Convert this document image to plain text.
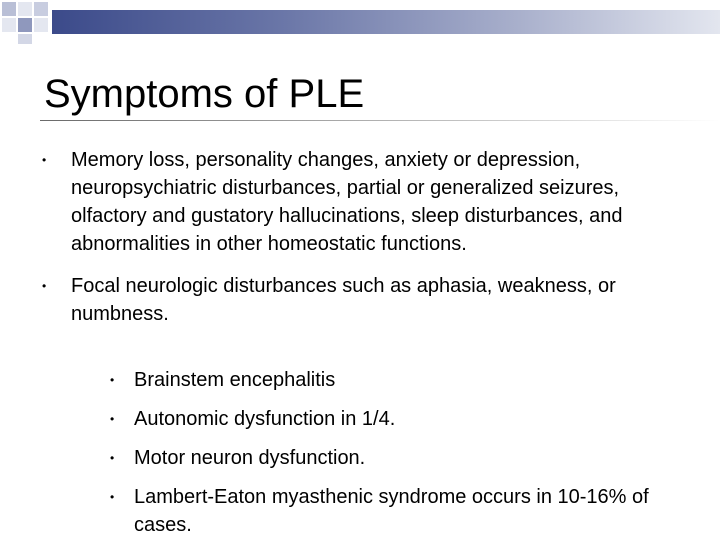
Symptoms of PLE
• Memory loss, personality changes, anxiety or depression, neuropsychiatric disturbances, partial or generalized seizures, olfactory and gustatory hallucinations, sleep disturbances, and abnormalities in other homeostatic functions.
• Focal neurologic disturbances such as aphasia, weakness, or numbness.
• Brainstem encephalitis
• Autonomic dysfunction in 1/4.
• Motor neuron dysfunction.
• Lambert-Eaton myasthenic syndrome occurs in 10-16% of cases.
